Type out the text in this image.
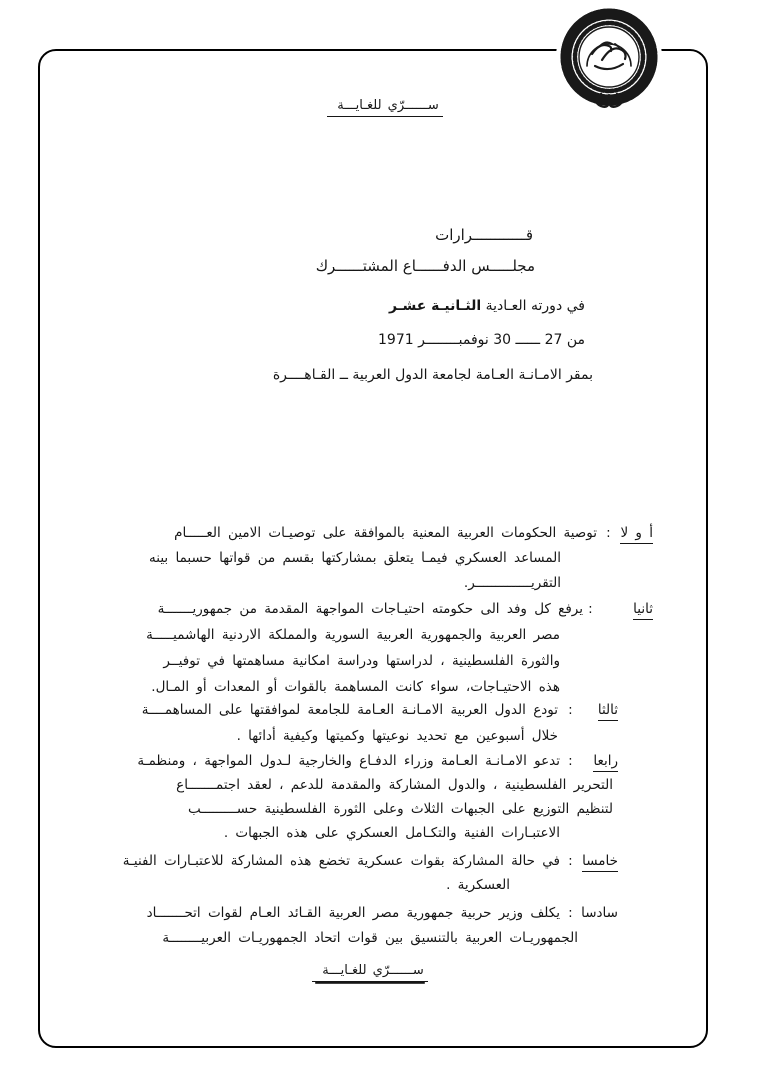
ســــــرّي للغـايـــة
قــــــــــــرارات
مجلـــــس الدفــــــاع المشتــــــرك
في دورته العـادية الثـانيـة عشـر
من 27 ــــــ 30 نوفمبــــــــر 1971
بمقر الامـانـة العـامة لجامعة الدول العربية ــ القـاهــــرة
أ و لا
:
توصية الحكومات العربية المعنية بالموافقة على توصيـات الامين العـــــام
المساعد العسكري فيمـا يتعلق بمشاركتها بقسم من قواتها حسبما بينه
التقريــــــــــــــر.
ثانيا
:
يرفع كل وفد الى حكومته احتيـاجات المواجهة المقدمة من جمهوريـــــــة
مصر العربية والجمهورية العربية السورية والمملكة الاردنية الهاشميـــــة
والثورة الفلسطينية ، لدراستها ودراسة امكانية مساهمتها في توفيــر
هذه الاحتيـاجات، سواء كانت المساهمة بالقوات أو المعدات أو المـال.
ثالثا
:
تودع الدول العربية الامـانـة العـامة للجامعة لموافقتها على المساهمــــة
خلال أسبوعين مع تحديد نوعيتها وكميتها وكيفية أدائها .
رابعا
:
تدعو الامـانـة العـامة وزراء الدفـاع والخارجية لـدول المواجهة ، ومنظمـة
التحرير الفلسطينية ، والدول المشاركة والمقدمة للدعم ، لعقد اجتمـــــــاع
لتنظيم التوزيع على الجبهات الثلاث وعلى الثورة الفلسطينية حســـــــــب
الاعتبـارات الفنية والتكـامل العسكري على هذه الجبهات .
خامسا
:
في حالة المشاركة بقوات عسكرية تخضع هذه المشاركة للاعتبـارات الفنيـة
العسكرية .
سادسا
:
يكلف وزير حربية جمهورية مصر العربية القـائد العـام لقوات اتحـــــــاد
الجمهوريـات العربية بالتنسيق بين قوات اتحاد الجمهوريـات العربيــــــــة
ســــــرّي للغـايـــة
